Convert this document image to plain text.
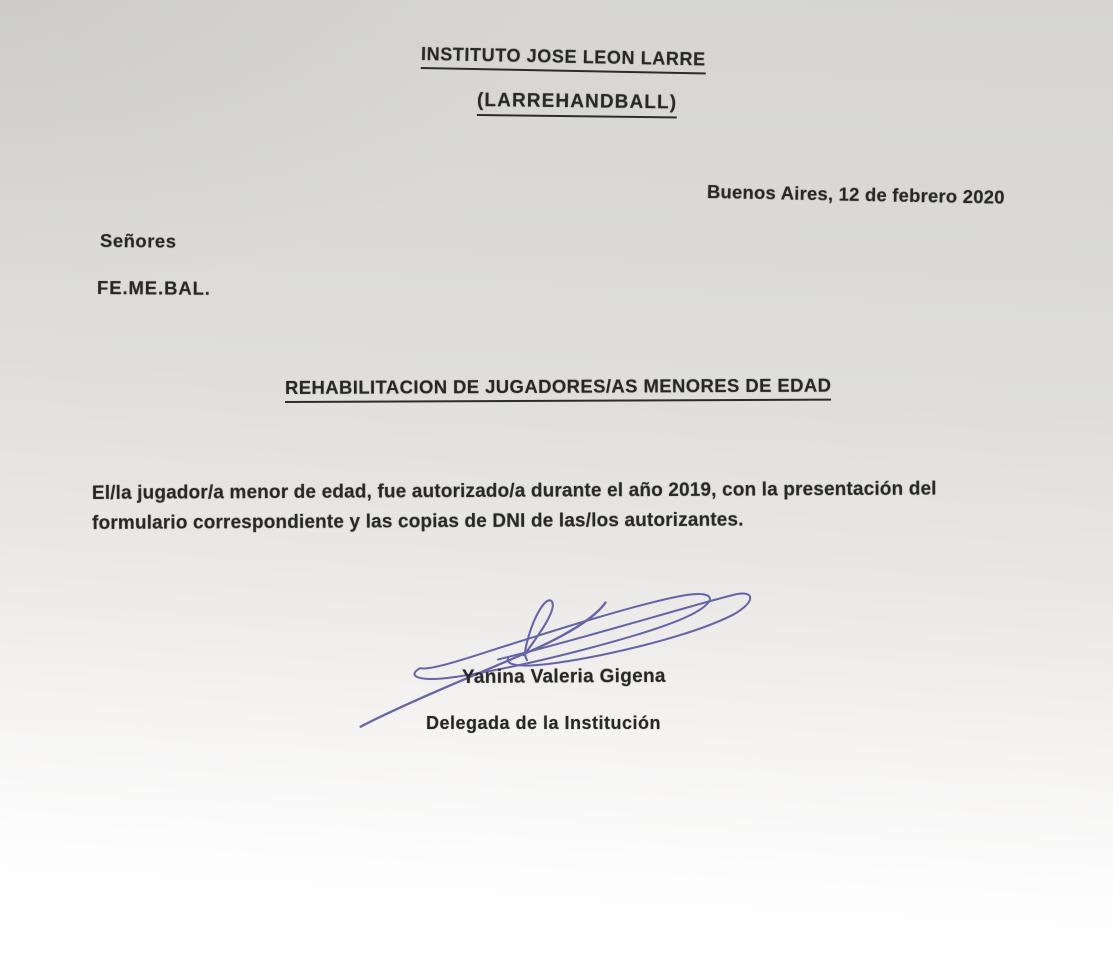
INSTITUTO JOSE LEON LARRE
(LARREHANDBALL)
Buenos Aires, 12 de febrero 2020
Señores
FE.ME.BAL.
REHABILITACION DE JUGADORES/AS MENORES DE EDAD
El/la jugador/a menor de edad, fue autorizado/a durante el año 2019, con la presentación del
formulario correspondiente y las copias de DNI de las/los autorizantes.
Yanina Valeria Gigena
Delegada de la Institución
